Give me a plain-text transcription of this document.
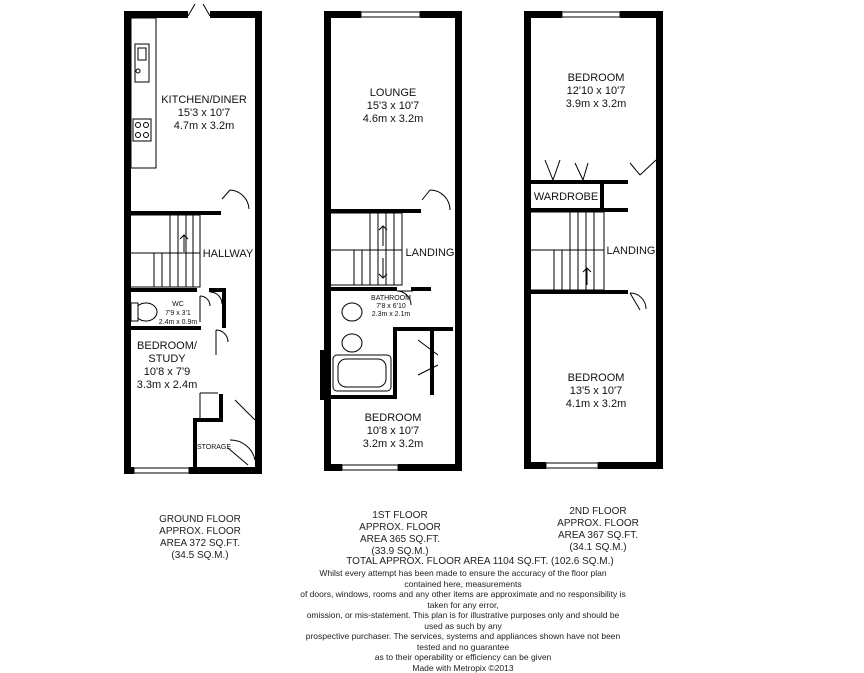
KITCHEN/DINER
15'3 x 10'7
4.7m x 3.2m
HALLWAY
WC
7'9 x 3'1
2.4m x 0.9m
BEDROOM/
STUDY
10'8 x 7'9
3.3m x 2.4m
STORAGE
LOUNGE
15'3 x 10'7
4.6m x 3.2m
LANDING
BATHROOM
7'8 x 6'10
2.3m x 2.1m
BEDROOM
10'8 x 10'7
3.2m x 3.2m
BEDROOM
12'10 x 10'7
3.9m x 3.2m
WARDROBE
LANDING
BEDROOM
13'5 x 10'7
4.1m x 3.2m
GROUND FLOOR
APPROX. FLOOR
AREA 372 SQ.FT.
(34.5 SQ.M.)
1ST FLOOR
APPROX. FLOOR
AREA 365 SQ.FT.
(33.9 SQ.M.)
2ND FLOOR
APPROX. FLOOR
AREA 367 SQ.FT.
(34.1 SQ.M.)
TOTAL APPROX. FLOOR AREA 1104 SQ.FT. (102.6 SQ.M.)
Whilst every attempt has been made to ensure the accuracy of the floor plan contained here, measurements
of doors, windows, rooms and any other items are approximate and no responsibility is taken for any error,
omission, or mis-statement. This plan is for illustrative purposes only and should be used as such by any
prospective purchaser. The services, systems and appliances shown have not been tested and no guarantee
as to their operability or efficiency can be given
Made with Metropix ©2013
